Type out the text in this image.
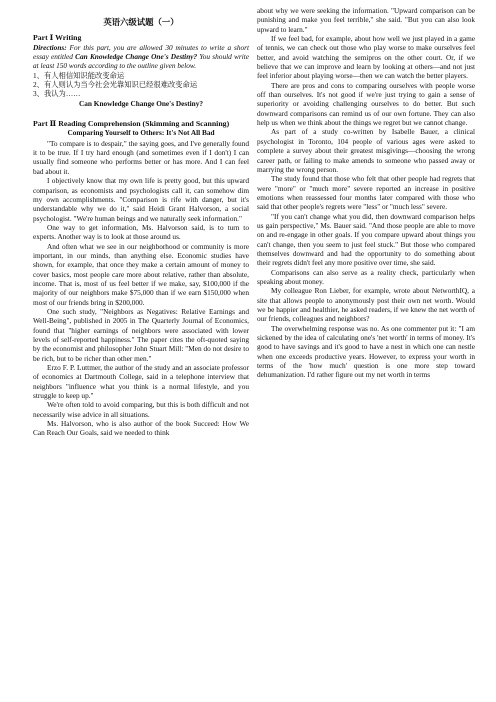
英语六级试题（一）
Part Ⅰ Writing

Directions: For this part, you are allowed 30 minutes to write a short essay entitled Can Knowledge Change One's Destiny? You should write at least 150 words according to the outline given below.

1、有人相信知识能改变命运

2、有人则认为当今社会光靠知识已经很难改变命运

3、我认为……

Can Knowledge Change One's Destiny?
Part Ⅱ Reading Comprehension (Skimming and Scanning)
Comparing Yourself to Others: It's Not All Bad

"To compare is to despair," the saying goes, and I've generally found it to be true. If I try hard enough (and sometimes even if I don't) I can usually find someone who performs better or has more. And I can feel bad about it.

I objectively know that my own life is pretty good, but this upward comparison, as economists and psychologists call it, can somehow dim my own accomplishments. "Comparison is rife with danger, but it's understandable why we do it," said Heidi Grant Halvorson, a social psychologist. "We're human beings and we naturally seek information."

One way to get information, Ms. Halvorson said, is to turn to experts. Another way is to look at those around us.

And often what we see in our neighborhood or community is more important, in our minds, than anything else. Economic studies have shown, for example, that once they make a certain amount of money to cover basics, most people care more about relative, rather than absolute, income. That is, most of us feel better if we make, say, $100,000 if the majority of our neighbors make $75,000 than if we earn $150,000 when most of our friends bring in $200,000.

One such study, "Neighbors as Negatives: Relative Earnings and Well-Being", published in 2005 in The Quarterly Journal of Economics, found that "higher earnings of neighbors were associated with lower levels of self-reported happiness." The paper cites the oft-quoted saying by the economist and philosopher John Stuart Mill: "Men do not desire to be rich, but to be richer than other men."

Erzo F. P. Luttmer, the author of the study and an associate professor of economics at Dartmouth College, said in a telephone interview that neighbors "influence what you think is a normal lifestyle, and you struggle to keep up."

We're often told to avoid comparing, but this is both difficult and not necessarily wise advice in all situations.

Ms. Halvorson, who is also author of the book Succeed: How We Can Reach Our Goals, said we needed to think

about why we were seeking the information. "Upward comparison can be punishing and make you feel terrible," she said. "But you can also look upward to learn."

If we feel bad, for example, about how well we just played in a game of tennis, we can check out those who play worse to make ourselves feel better, and avoid watching the semipros on the other court. Or, if we believe that we can improve and learn by looking at others—and not just feel inferior about playing worse—then we can watch the better players.

There are pros and cons to comparing ourselves with people worse off than ourselves. It's not good if we're just trying to gain a sense of superiority or avoiding challenging ourselves to do better. But such downward comparisons can remind us of our own fortune. They can also help us when we think about the things we regret but we cannot change.

As part of a study co-written by Isabelle Bauer, a clinical psychologist in Toronto, 104 people of various ages were asked to complete a survey about their greatest misgivings—choosing the wrong career path, or failing to make amends to someone who passed away or marrying the wrong person.

The study found that those who felt that other people had regrets that were "more" or "much more" severe reported an increase in positive emotions when reassessed four months later compared with those who said that other people's regrets were "less" or "much less" severe.

"If you can't change what you did, then downward comparison helps us gain perspective," Ms. Bauer said. "And those people are able to move on and re-engage in other goals. If you compare upward about things you can't change, then you seem to just feel stuck." But those who compared themselves downward and had the opportunity to do something about their regrets didn't feel any more positive over time, she said.

Comparisons can also serve as a reality check, particularly when speaking about money.

My colleague Ron Lieber, for example, wrote about NetworthIQ, a site that allows people to anonymously post their own net worth. Would we be happier and healthier, he asked readers, if we knew the net worth of our friends, colleagues and neighbors?

The overwhelming response was no. As one commenter put it: "I am sickened by the idea of calculating one's 'net worth' in terms of money. It's good to have savings and it's good to have a nest in which one can nestle when one exceeds productive years. However, to express your worth in terms of the 'how much' question is one more step toward dehumanization. I'd rather figure out my net worth in terms
